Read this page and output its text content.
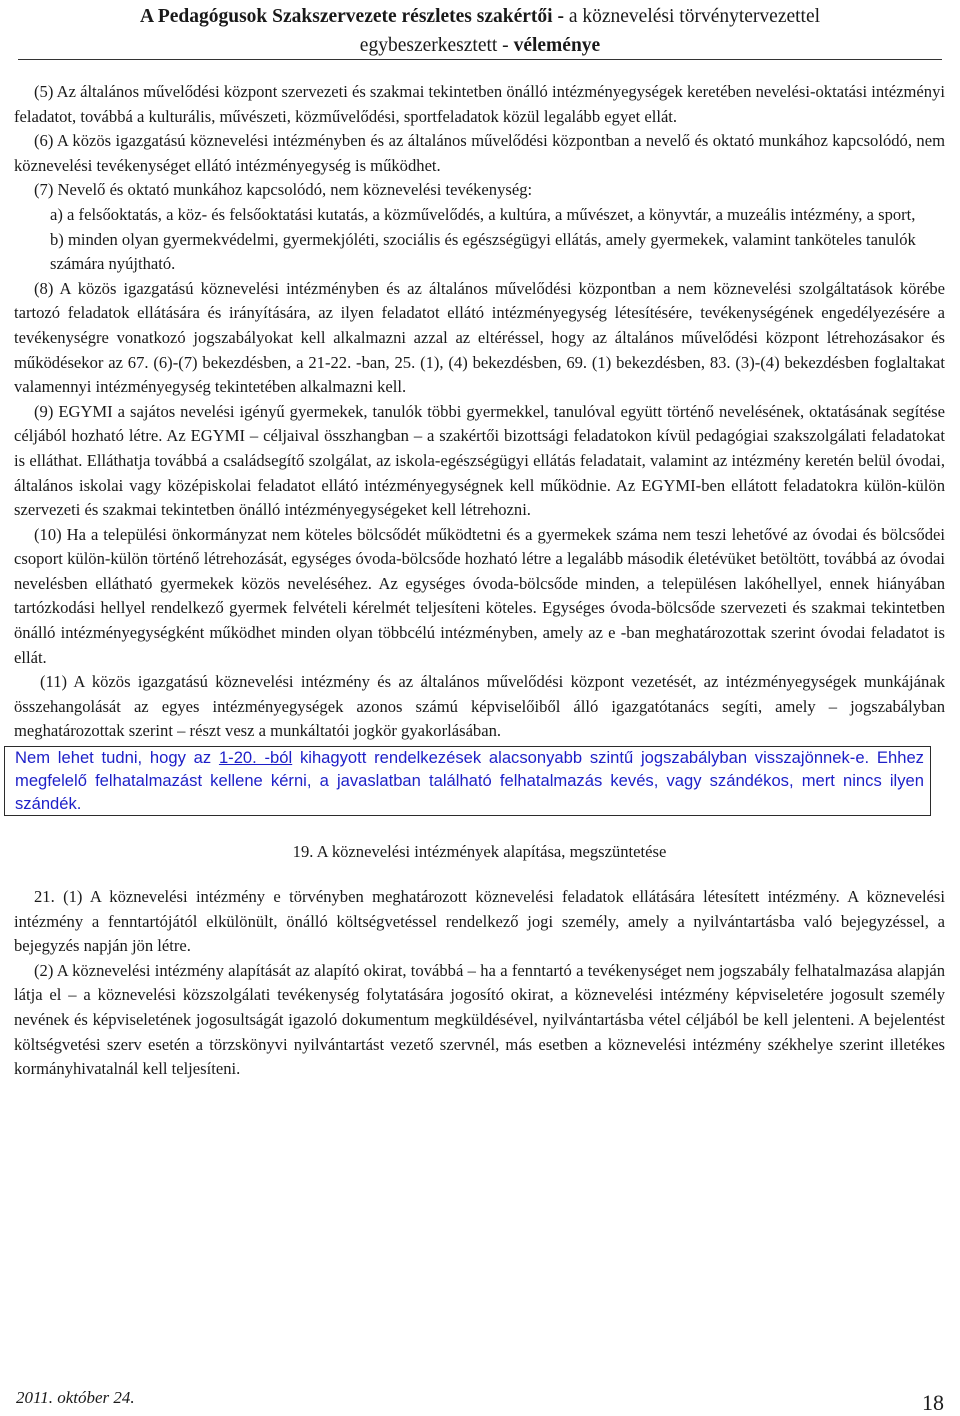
A Pedagógusok Szakszervezete részletes szakértői - a köznevelési törvénytervezettel
egybeszerkesztett - véleménye

(5) Az általános művelődési központ szervezeti és szakmai tekintetben önálló intézményegységek keretében nevelési-oktatási intézményi feladatot, továbbá a kulturális, művészeti, közművelődési, sportfeladatok közül legalább egyet ellát.

(6) A közös igazgatású köznevelési intézményben és az általános művelődési központban a nevelő és oktató munkához kapcsolódó, nem köznevelési tevékenységet ellátó intézményegység is működhet.

(7) Nevelő és oktató munkához kapcsolódó, nem köznevelési tevékenység:

a) a felsőoktatás, a köz- és felsőoktatási kutatás, a közművelődés, a kultúra, a művészet, a könyvtár, a muzeális intézmény, a sport,

b) minden olyan gyermekvédelmi, gyermekjóléti, szociális és egészségügyi ellátás, amely gyermekek, valamint tanköteles tanulók számára nyújtható.

(8) A közös igazgatású köznevelési intézményben és az általános művelődési központban a nem köznevelési szolgáltatások körébe tartozó feladatok ellátására és irányítására, az ilyen feladatot ellátó intézményegység létesítésére, tevékenységének engedélyezésére a tevékenységre vonatkozó jogszabályokat kell alkalmazni azzal az eltéréssel, hogy az általános művelődési központ létrehozásakor és működésekor az 67. (6)-(7) bekezdésben, a 21-22. -ban, 25. (1), (4) bekezdésben, 69. (1) bekezdésben, 83. (3)-(4) bekezdésben foglaltakat valamennyi intézményegység tekintetében alkalmazni kell.

(9) EGYMI a sajátos nevelési igényű gyermekek, tanulók többi gyermekkel, tanulóval együtt történő nevelésének, oktatásának segítése céljából hozható létre. Az EGYMI – céljaival összhangban – a szakértői bizottsági feladatokon kívül pedagógiai szakszolgálati feladatokat is elláthat. Elláthatja továbbá a családsegítő szolgálat, az iskola-egészségügyi ellátás feladatait, valamint az intézmény keretén belül óvodai, általános iskolai vagy középiskolai feladatot ellátó intézményegységnek kell működnie. Az EGYMI-ben ellátott feladatokra külön-külön szervezeti és szakmai tekintetben önálló intézményegységeket kell létrehozni.

(10) Ha a települési önkormányzat nem köteles bölcsődét működtetni és a gyermekek száma nem teszi lehetővé az óvodai és bölcsődei csoport külön-külön történő létrehozását, egységes óvoda-bölcsőde hozható létre a legalább második életévüket betöltött, továbbá az óvodai nevelésben ellátható gyermekek közös neveléséhez. Az egységes óvoda-bölcsőde minden, a településen lakóhellyel, ennek hiányában tartózkodási hellyel rendelkező gyermek felvételi kérelmét teljesíteni köteles. Egységes óvoda-bölcsőde szervezeti és szakmai tekintetben önálló intézményegységként működhet minden olyan többcélú intézményben, amely az e -ban meghatározottak szerint óvodai feladatot is ellát.

(11) A közös igazgatású köznevelési intézmény és az általános művelődési központ vezetését, az intézményegységek munkájának összehangolását az egyes intézményegységek azonos számú képviselőiből álló igazgatótanács segíti, amely – jogszabályban meghatározottak szerint – részt vesz a munkáltatói jogkör gyakorlásában.

Nem lehet tudni, hogy az 1-20. -ból kihagyott rendelkezések alacsonyabb szintű jogszabályban visszajönnek-e. Ehhez megfelelő felhatalmazást kellene kérni, a javaslatban található felhatalmazás kevés, vagy szándékos, mert nincs ilyen szándék.

19. A köznevelési intézmények alapítása, megszüntetése

21. (1) A köznevelési intézmény e törvényben meghatározott köznevelési feladatok ellátására létesített intézmény. A köznevelési intézmény a fenntartójától elkülönült, önálló költségvetéssel rendelkező jogi személy, amely a nyilvántartásba való bejegyzéssel, a bejegyzés napján jön létre.

(2) A köznevelési intézmény alapítását az alapító okirat, továbbá – ha a fenntartó a tevékenységet nem jogszabály felhatalmazása alapján látja el – a köznevelési közszolgálati tevékenység folytatására jogosító okirat, a köznevelési intézmény képviseletére jogosult személy nevének és képviseletének jogosultságát igazoló dokumentum megküldésével, nyilvántartásba vétel céljából be kell jelenteni. A bejelentést költségvetési szerv esetén a törzskönyvi nyilvántartást vezető szervnél, más esetben a köznevelési intézmény székhelye szerint illetékes kormányhivatalnál kell teljesíteni.

2011. október 24.	18
